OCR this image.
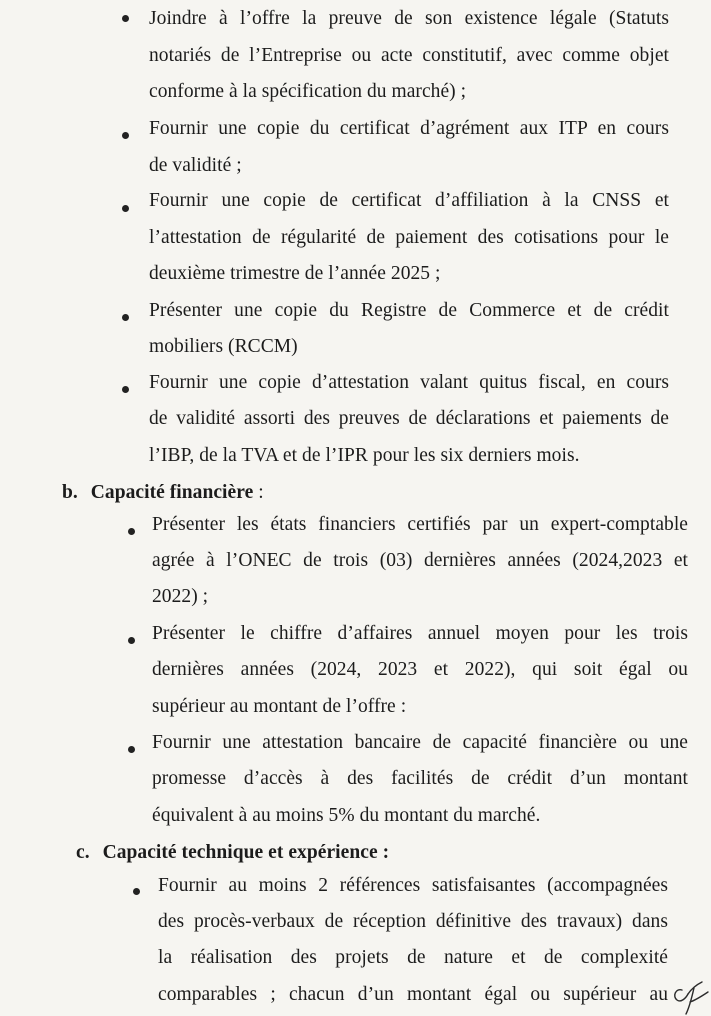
Joindre à l’offre la preuve de son existence légale (Statuts
notariés de l’Entreprise ou acte constitutif, avec comme objet
conforme à la spécification du marché) ;
Fournir une copie du certificat d’agrément aux ITP en cours
de validité ;
Fournir une copie de certificat d’affiliation à la CNSS et
l’attestation de régularité de paiement des cotisations pour le
deuxième trimestre de l’année 2025 ;
Présenter une copie du Registre de Commerce et de crédit
mobiliers (RCCM)
Fournir une copie d’attestation valant quitus fiscal, en cours
de validité assorti des preuves de déclarations et paiements de
l’IBP, de la TVA et de l’IPR pour les six derniers mois.
b. Capacité financière :
Présenter les états financiers certifiés par un expert-comptable
agrée à l’ONEC de trois (03) dernières années (2024,2023 et
2022) ;
Présenter le chiffre d’affaires annuel moyen pour les trois
dernières années (2024, 2023 et 2022), qui soit égal ou
supérieur au montant de l’offre :
Fournir une attestation bancaire de capacité financière ou une
promesse d’accès à des facilités de crédit d’un montant
équivalent à au moins 5% du montant du marché.
c. Capacité technique et expérience :
Fournir au moins 2 références satisfaisantes (accompagnées
des procès-verbaux de réception définitive des travaux) dans
la réalisation des projets de nature et de complexité
comparables ; chacun d’un montant égal ou supérieur au
